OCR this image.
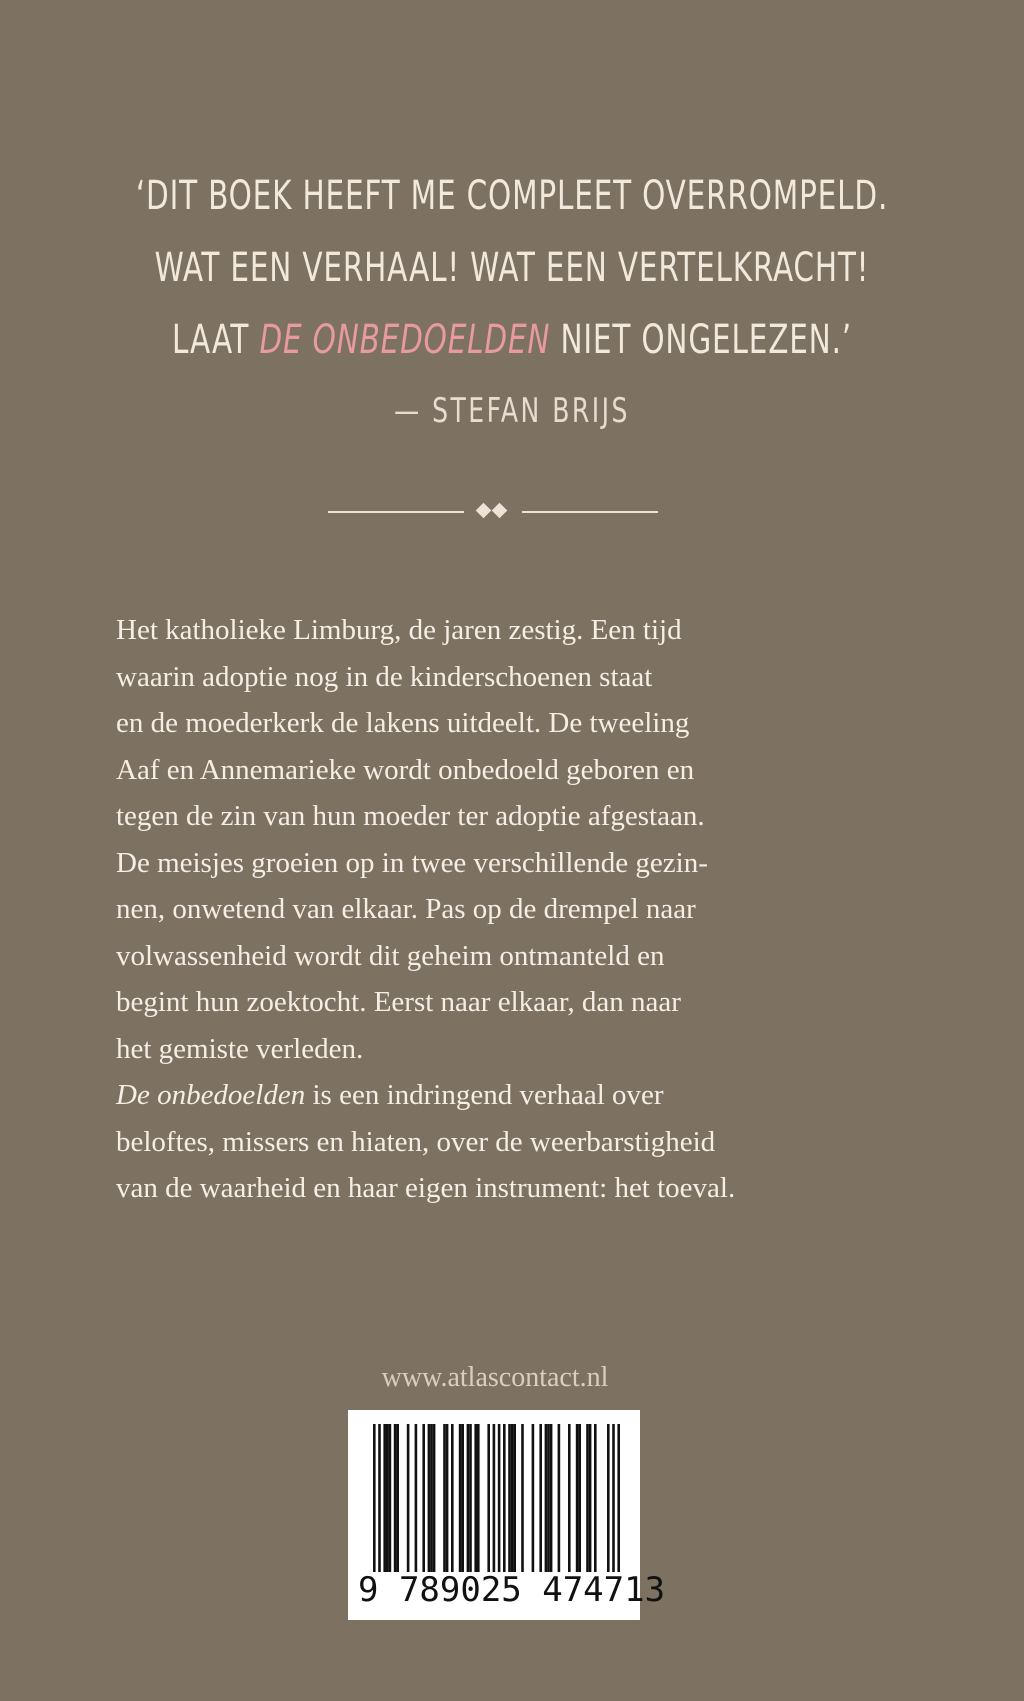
‘DIT BOEK HEEFT ME COMPLEET OVERROMPELD.
WAT EEN VERHAAL! WAT EEN VERTELKRACHT!
LAAT DE ONBEDOELDEN NIET ONGELEZEN.’
— STEFAN BRIJS
Het katholieke Limburg, de jaren zestig. Een tijd
waarin adoptie nog in de kinderschoenen staat
en de moederkerk de lakens uitdeelt. De tweeling
Aaf en Annemarieke wordt onbedoeld geboren en
tegen de zin van hun moeder ter adoptie afgestaan.
De meisjes groeien op in twee verschillende gezin-
nen, onwetend van elkaar. Pas op de drempel naar
volwassenheid wordt dit geheim ontmanteld en
begint hun zoektocht. Eerst naar elkaar, dan naar
het gemiste verleden.
De onbedoelden is een indringend verhaal over
beloftes, missers en hiaten, over de weerbarstigheid
van de waarheid en haar eigen instrument: het toeval.
www.atlascontact.nl
9 789025 474713
